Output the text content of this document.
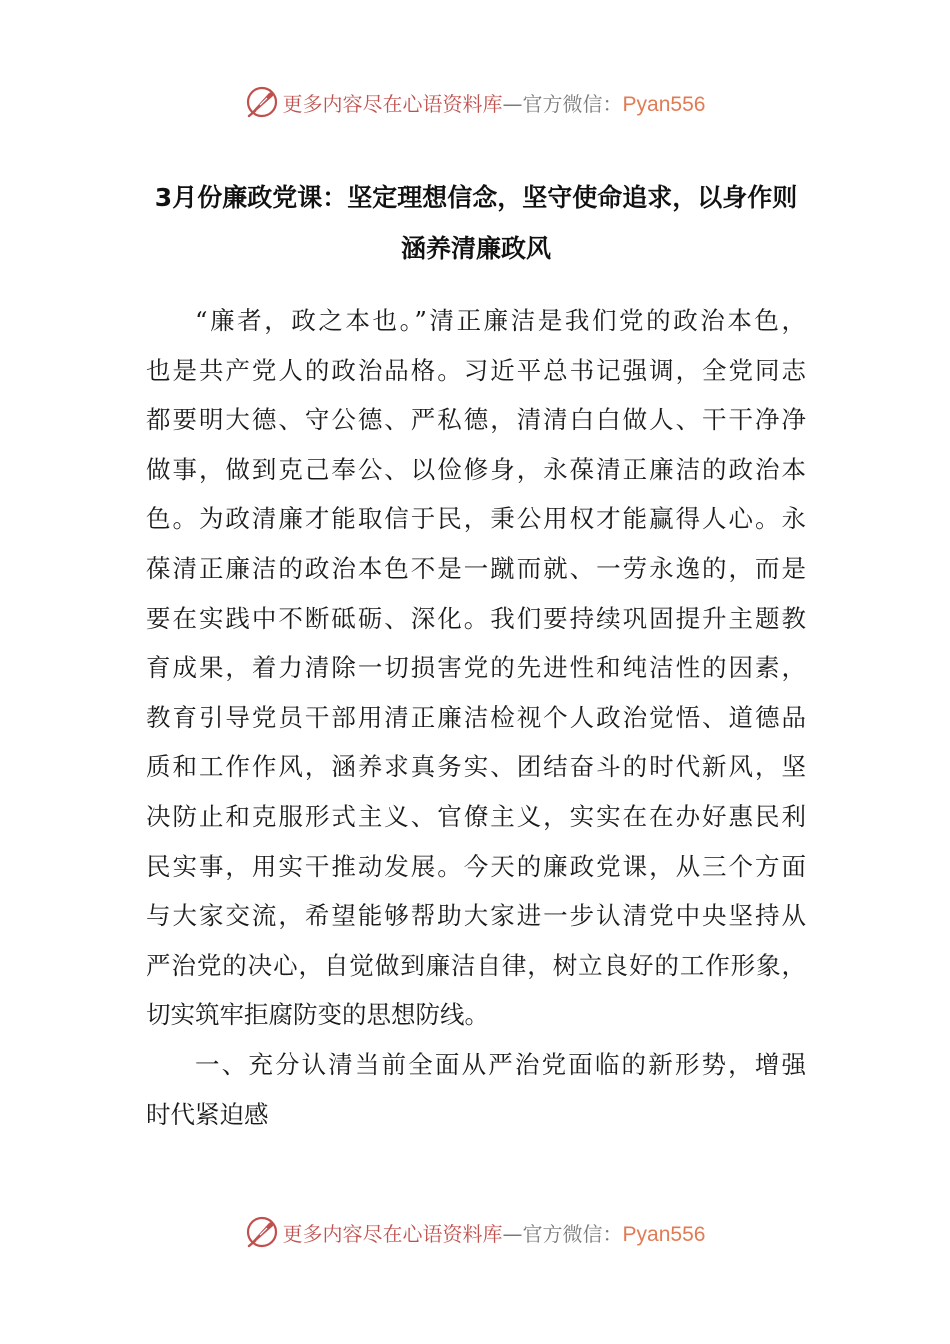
更多内容尽在心语资料库—官方微信：Pyan556
3月份廉政党课：坚定理想信念，坚守使命追求，以身作则
涵养清廉政风
“廉者，政之本也。”清正廉洁是我们党的政治本色，
也是共产党人的政治品格。习近平总书记强调，全党同志
都要明大德、守公德、严私德，清清白白做人、干干净净
做事，做到克己奉公、以俭修身，永葆清正廉洁的政治本
色。为政清廉才能取信于民，秉公用权才能赢得人心。永
葆清正廉洁的政治本色不是一蹴而就、一劳永逸的，而是
要在实践中不断砥砺、深化。我们要持续巩固提升主题教
育成果，着力清除一切损害党的先进性和纯洁性的因素，
教育引导党员干部用清正廉洁检视个人政治觉悟、道德品
质和工作作风，涵养求真务实、团结奋斗的时代新风，坚
决防止和克服形式主义、官僚主义，实实在在办好惠民利
民实事，用实干推动发展。今天的廉政党课，从三个方面
与大家交流，希望能够帮助大家进一步认清党中央坚持从
严治党的决心，自觉做到廉洁自律，树立良好的工作形象，
切实筑牢拒腐防变的思想防线。
一、充分认清当前全面从严治党面临的新形势，增强
时代紧迫感
更多内容尽在心语资料库—官方微信：Pyan556
